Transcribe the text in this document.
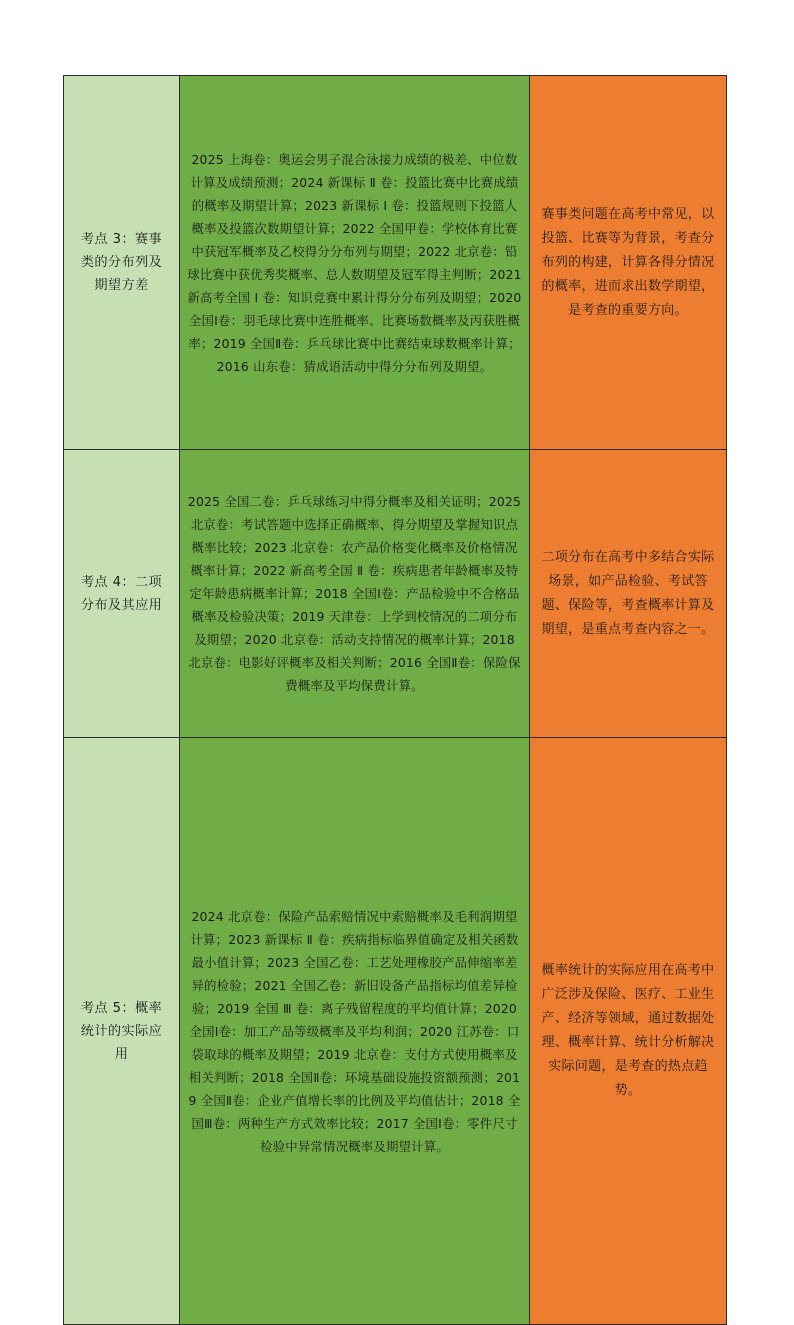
考点 3：赛事类的分布列及期望方差	2025 上海卷：奥运会男子混合泳接力成绩的极差、中位数计算及成绩预测；2024 新课标 Ⅱ 卷：投篮比赛中比赛成绩的概率及期望计算；2023 新课标 Ⅰ 卷：投篮规则下投篮人概率及投篮次数期望计算；2022 全国甲卷：学校体育比赛中获冠军概率及乙校得分分布列与期望；2022 北京卷：铅球比赛中获优秀奖概率、总人数期望及冠军得主判断；2021 新高考全国 Ⅰ 卷：知识竞赛中累计得分分布列及期望；2020 全国Ⅰ卷：羽毛球比赛中连胜概率、比赛场数概率及丙获胜概率；2019 全国Ⅱ卷：乒乓球比赛中比赛结束球数概率计算；2016 山东卷：猜成语活动中得分分布列及期望。	赛事类问题在高考中常见，以投篮、比赛等为背景，考查分布列的构建，计算各得分情况的概率，进而求出数学期望，是考查的重要方向。

考点 4：二项分布及其应用	2025 全国二卷：乒乓球练习中得分概率及相关证明；2025 北京卷：考试答题中选择正确概率、得分期望及掌握知识点概率比较；2023 北京卷：农产品价格变化概率及价格情况概率计算；2022 新高考全国 Ⅱ 卷：疾病患者年龄概率及特定年龄患病概率计算；2018 全国Ⅰ卷：产品检验中不合格品概率及检验决策；2019 天津卷：上学到校情况的二项分布及期望；2020 北京卷：活动支持情况的概率计算；2018 北京卷：电影好评概率及相关判断；2016 全国Ⅱ卷：保险保费概率及平均保费计算。	二项分布在高考中多结合实际场景，如产品检验、考试答题、保险等，考查概率计算及期望，是重点考查内容之一。

考点 5：概率统计的实际应用	2024 北京卷：保险产品索赔情况中索赔概率及毛利润期望计算；2023 新课标 Ⅱ 卷：疾病指标临界值确定及相关函数最小值计算；2023 全国乙卷：工艺处理橡胶产品伸缩率差异的检验；2021 全国乙卷：新旧设备产品指标均值差异检验；2019 全国 Ⅲ 卷：离子残留程度的平均值计算；2020 全国Ⅰ卷：加工产品等级概率及平均利润；2020 江苏卷：口袋取球的概率及期望；2019 北京卷：支付方式使用概率及相关判断；2018 全国Ⅱ卷：环境基础设施投资额预测；2019 全国Ⅱ卷：企业产值增长率的比例及平均值估计；2018 全国Ⅲ卷：两种生产方式效率比较；2017 全国Ⅰ卷：零件尺寸检验中异常情况概率及期望计算。	概率统计的实际应用在高考中广泛涉及保险、医疗、工业生产、经济等领域，通过数据处理、概率计算、统计分析解决实际问题，是考查的热点趋势。
